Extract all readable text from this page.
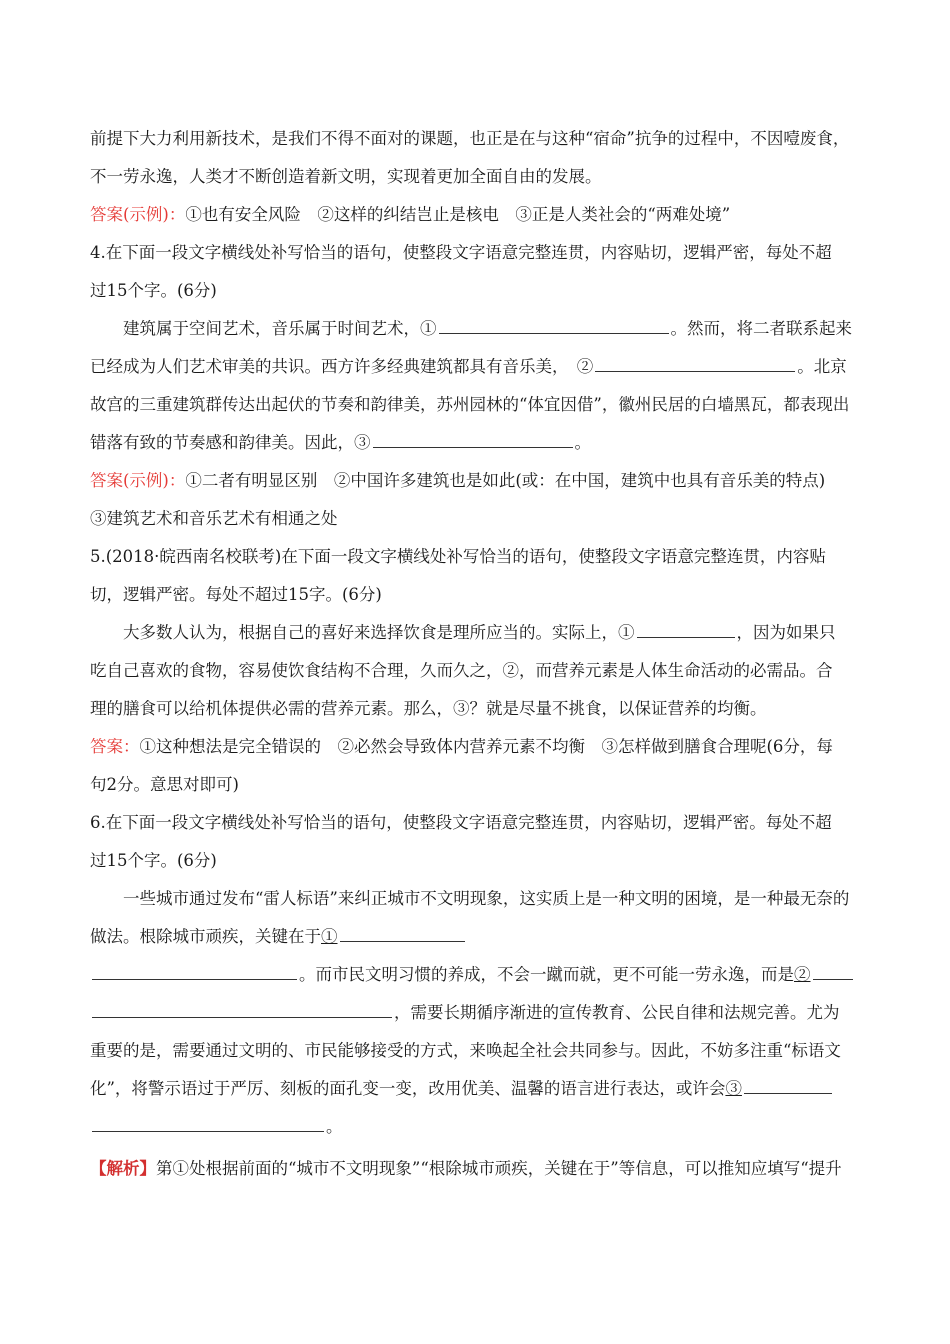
前提下大力利用新技术，是我们不得不面对的课题，也正是在与这种“宿命”抗争的过程中，不因噎废食，
不一劳永逸，人类才不断创造着新文明，实现着更加全面自由的发展。
答案(示例)：①也有安全风险　②这样的纠结岂止是核电　③正是人类社会的“两难处境”
4.在下面一段文字横线处补写恰当的语句，使整段文字语意完整连贯，内容贴切，逻辑严密，每处不超
过15个字。(6分)
建筑属于空间艺术，音乐属于时间艺术，①	。然而，将二者联系起来
已经成为人们艺术审美的共识。西方许多经典建筑都具有音乐美，　②	。北京
故宫的三重建筑群传达出起伏的节奏和韵律美，苏州园林的“体宜因借”，徽州民居的白墙黑瓦，都表现出
错落有致的节奏感和韵律美。因此，③	。
答案(示例)：①二者有明显区别　②中国许多建筑也是如此(或：在中国，建筑中也具有音乐美的特点)
③建筑艺术和音乐艺术有相通之处
5.(2018·皖西南名校联考)在下面一段文字横线处补写恰当的语句，使整段文字语意完整连贯，内容贴
切，逻辑严密。每处不超过15字。(6分)
大多数人认为，根据自己的喜好来选择饮食是理所应当的。实际上，①	，因为如果只
吃自己喜欢的食物，容易使饮食结构不合理，久而久之，②，而营养元素是人体生命活动的必需品。合
理的膳食可以给机体提供必需的营养元素。那么，③？就是尽量不挑食，以保证营养的均衡。
答案：①这种想法是完全错误的　②必然会导致体内营养元素不均衡　③怎样做到膳食合理呢(6分，每
句2分。意思对即可)
6.在下面一段文字横线处补写恰当的语句，使整段文字语意完整连贯，内容贴切，逻辑严密。每处不超
过15个字。(6分)
一些城市通过发布“雷人标语”来纠正城市不文明现象，这实质上是一种文明的困境，是一种最无奈的
做法。根除城市顽疾，关键在于①
。而市民文明习惯的养成，不会一蹴而就，更不可能一劳永逸，而是②
，需要长期循序渐进的宣传教育、公民自律和法规完善。尤为
重要的是，需要通过文明的、市民能够接受的方式，来唤起全社会共同参与。因此，不妨多注重“标语文
化”，将警示语过于严厉、刻板的面孔变一变，改用优美、温馨的语言进行表达，或许会③
。
【解析】第①处根据前面的“城市不文明现象”“根除城市顽疾，关键在于”等信息，可以推知应填写“提升
